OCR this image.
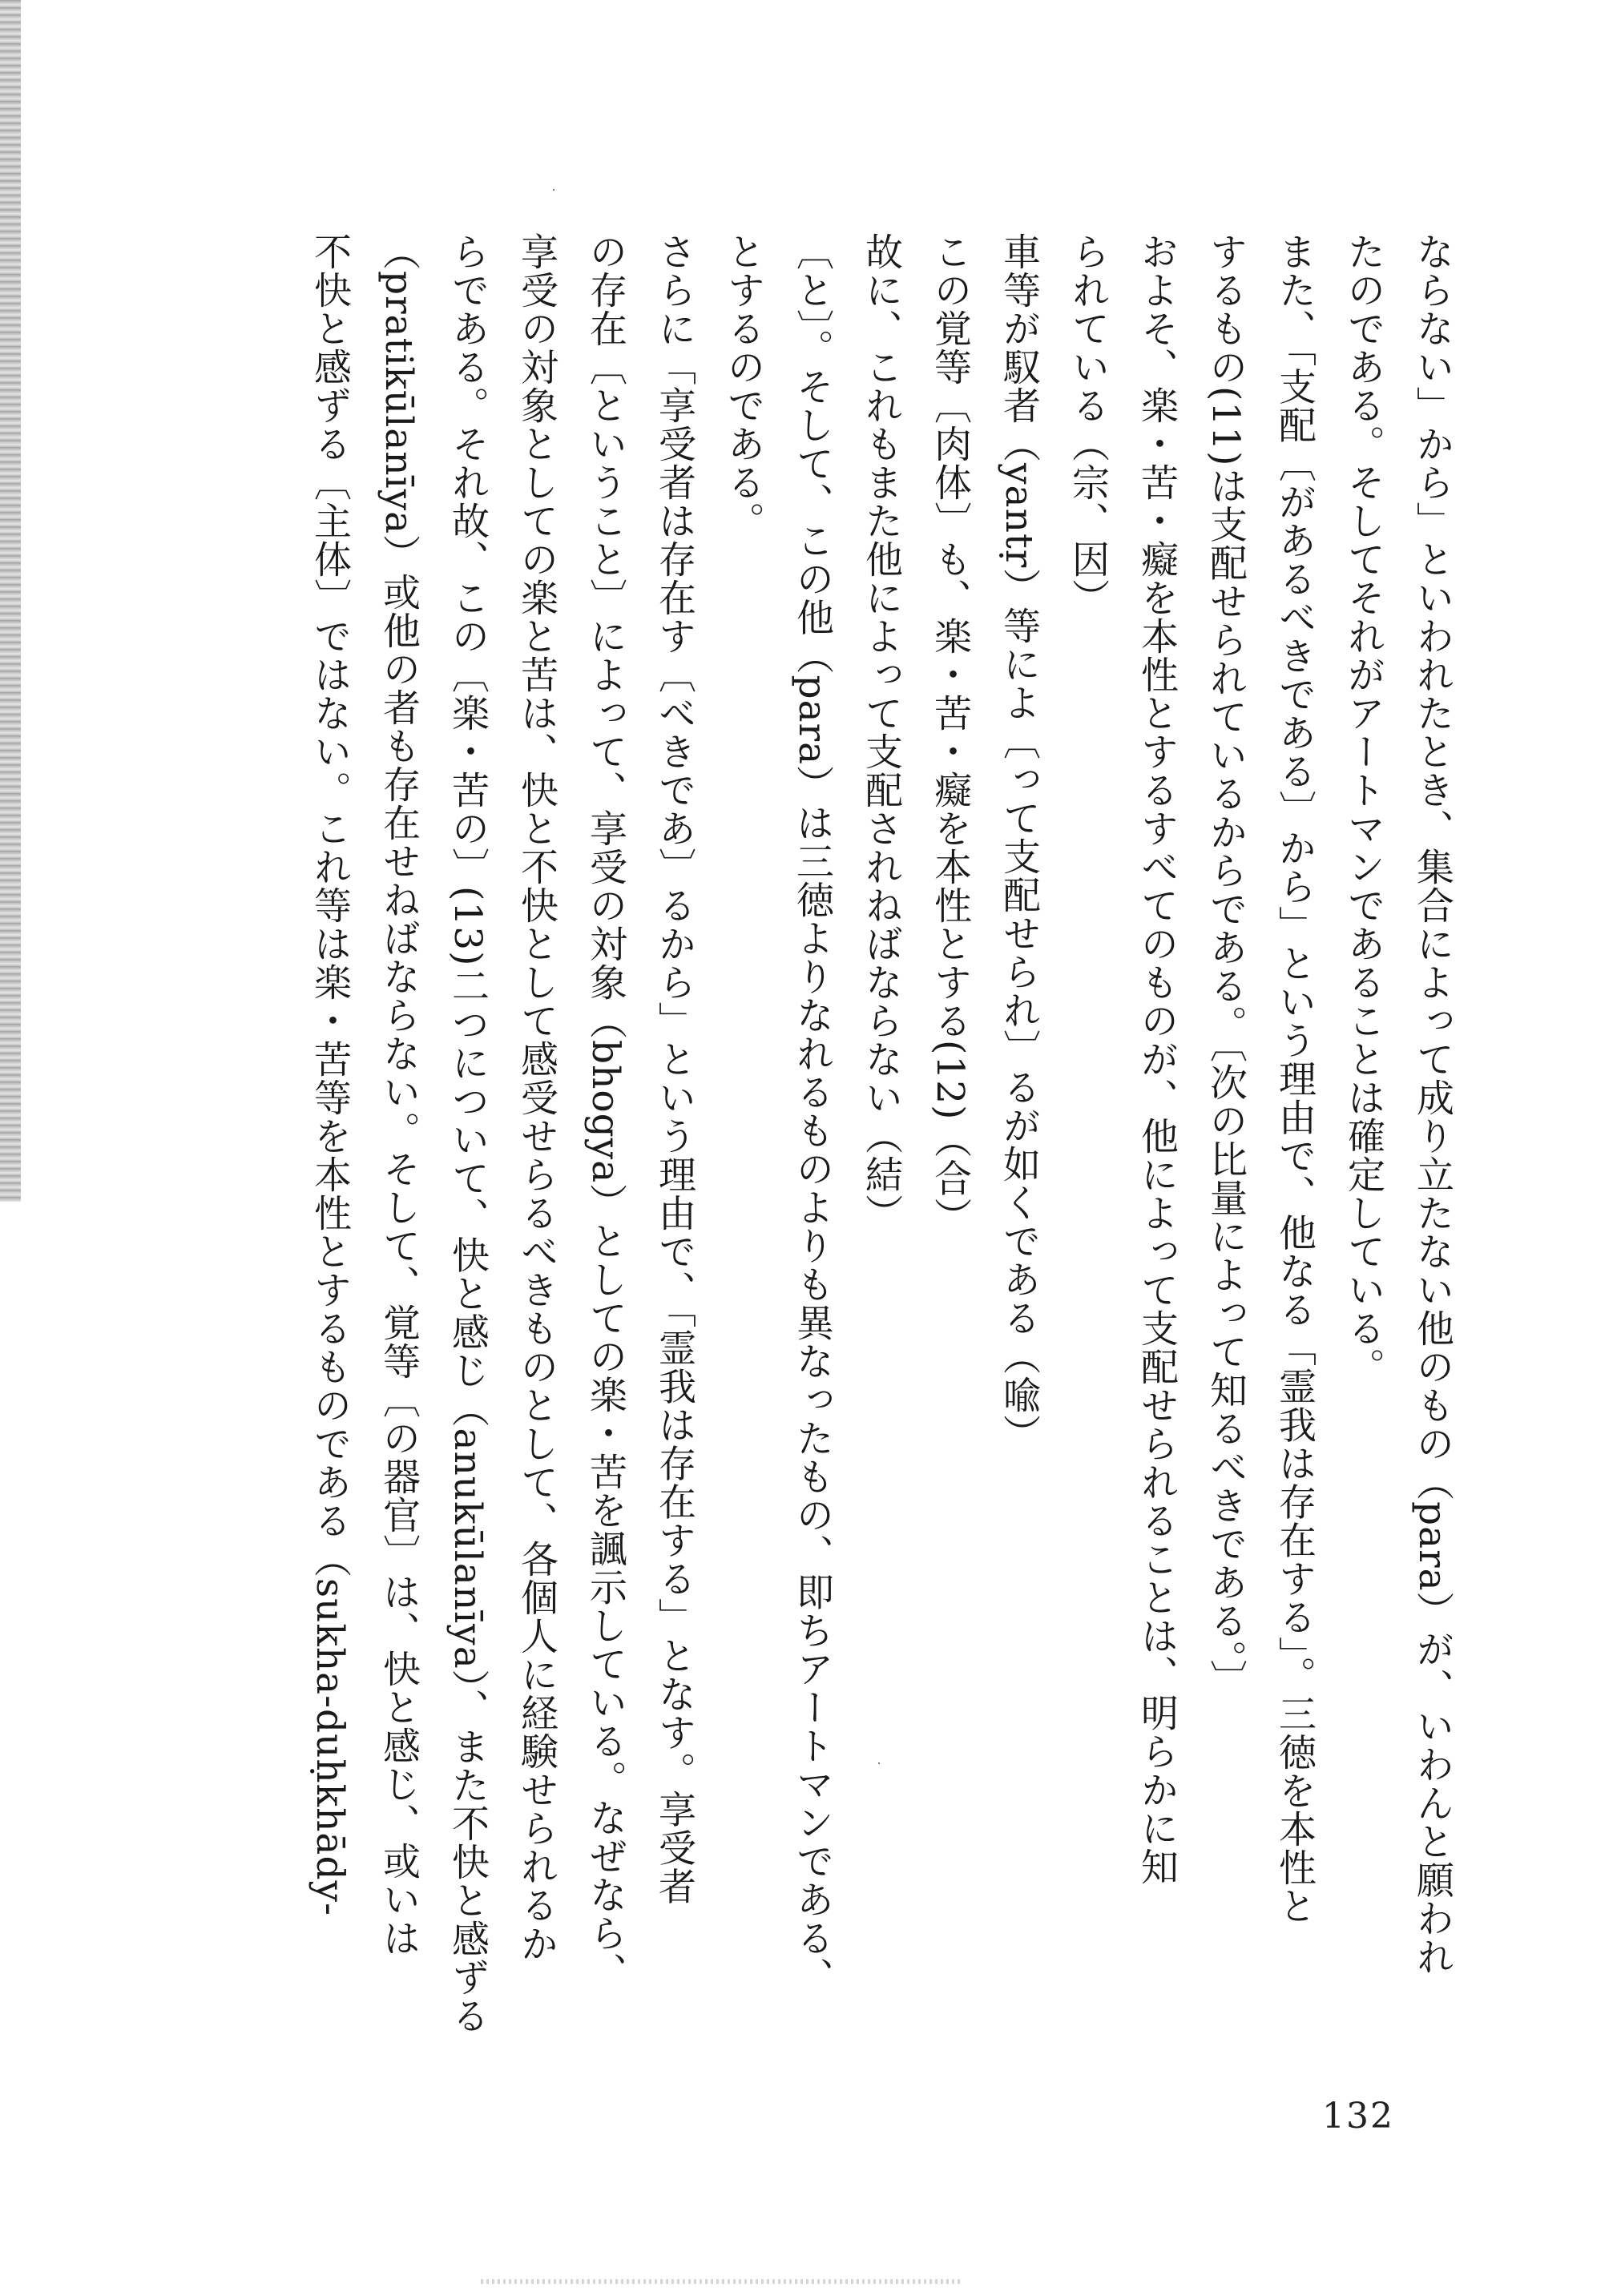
ならない」から」といわれたとき、集合によって成り立たない他のもの（para）が、いわんと願われ
たのである。そしてそれがアートマンであることは確定している。
また、「支配〔があるべきである〕から」という理由で、他なる「霊我は存在する」。三徳を本性と
するもの(11)は支配せられているからである。〔次の比量によって知るべきである。〕
およそ、楽・苦・癡を本性とするすべてのものが、他によって支配せられることは、明らかに知
られている（宗、因）
車等が馭者（yantṛ）等によ〔って支配せられ〕るが如くである（喩）
この覚等〔肉体〕も、楽・苦・癡を本性とする(12)（合）
故に、これもまた他によって支配されねばならない（結）
〔と〕。そして、この他（para）は三徳よりなれるものよりも異なったもの、即ちアートマンである、
とするのである。
さらに「享受者は存在す〔べきであ〕るから」という理由で、「霊我は存在する」となす。享受者
の存在〔ということ〕によって、享受の対象（bhogya）としての楽・苦を諷示している。なぜなら、
享受の対象としての楽と苦は、快と不快として感受せらるべきものとして、各個人に経験せられるか
らである。それ故、この〔楽・苦の〕(13)二つについて、快と感じ（anukūlanīya）、また不快と感ずる
（pratikūlanīya）或他の者も存在せねばならない。そして、覚等〔の器官〕は、快と感じ、或いは
不快と感ずる〔主体〕ではない。これ等は楽・苦等を本性とするものである（sukha-duḥkhādy-
132
